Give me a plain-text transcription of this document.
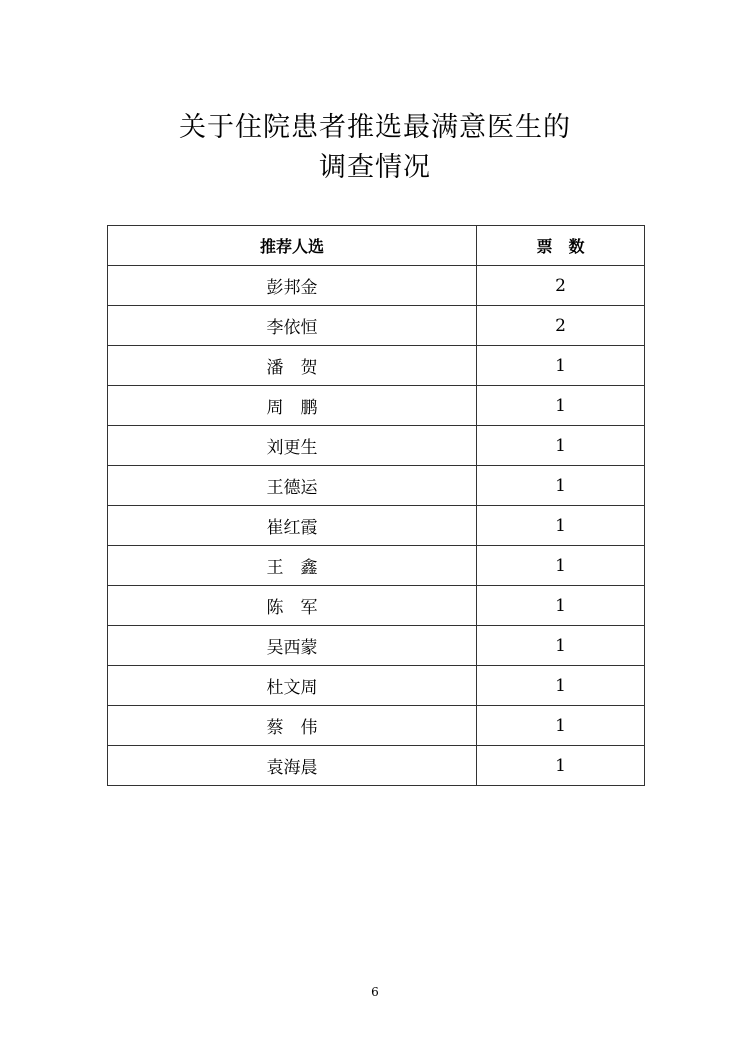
关于住院患者推选最满意医生的
调查情况
推荐人选	票　数
彭邦金	2
李依恒	2
潘　贺	1
周　鹏	1
刘更生	1
王德运	1
崔红霞	1
王　鑫	1
陈　军	1
吴西蒙	1
杜文周	1
蔡　伟	1
袁海晨	1
6
